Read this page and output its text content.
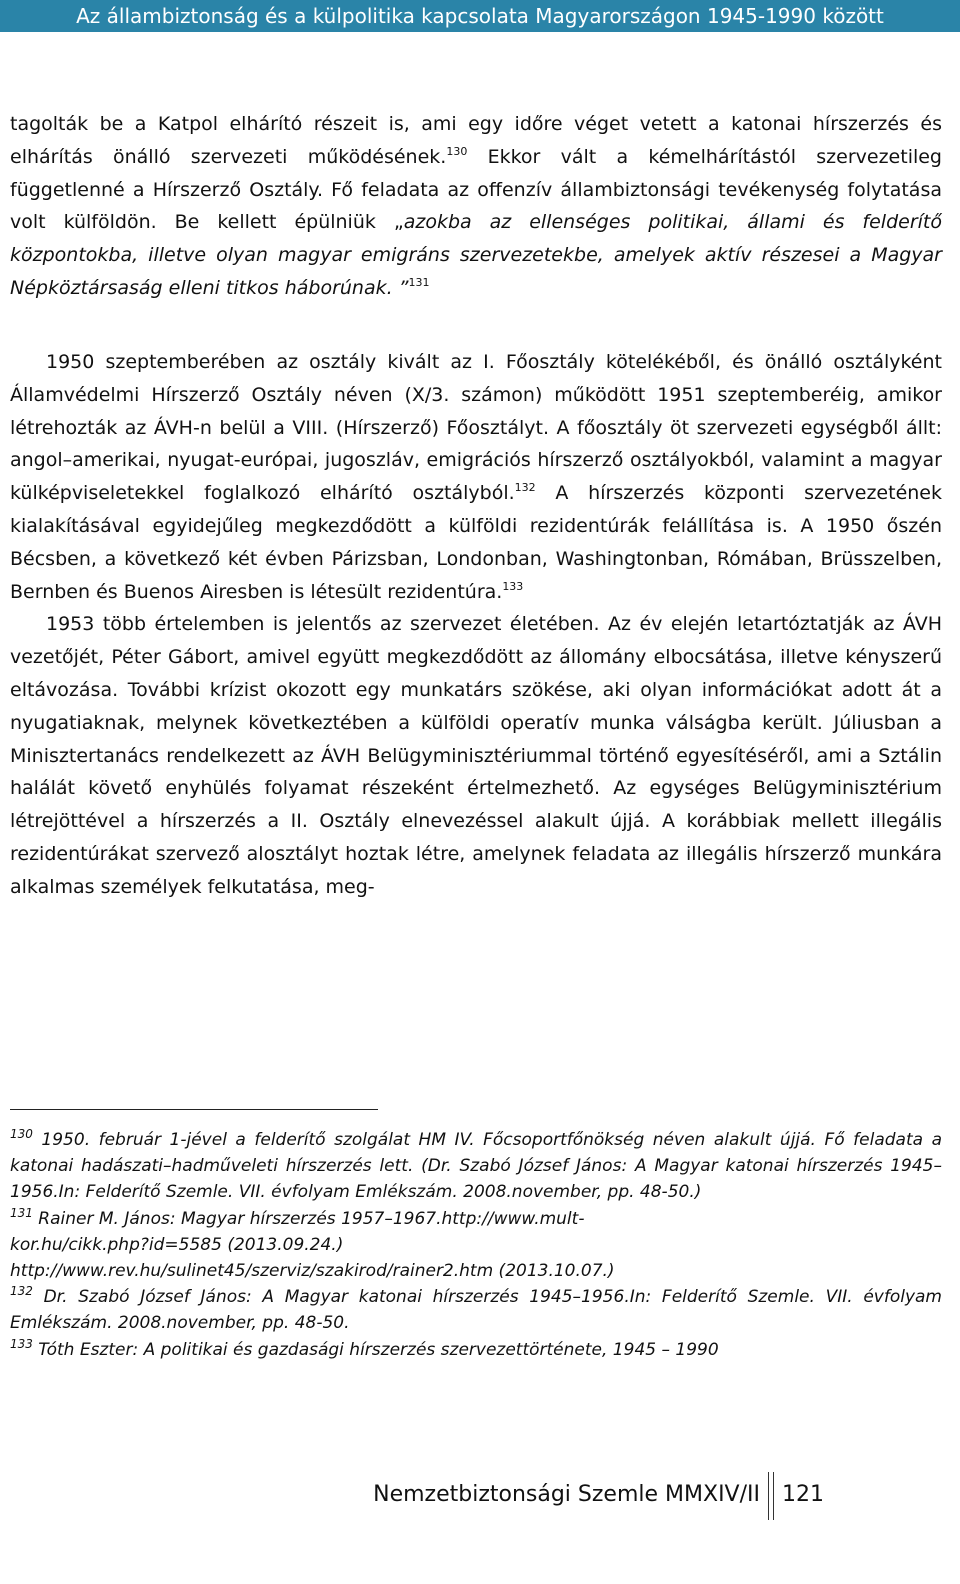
Az állambiztonság és a külpolitika kapcsolata Magyarországon 1945-1990 között

tagolták be a Katpol elhárító részeit is, ami egy időre véget vetett a katonai hírszerzés és elhárítás önálló szervezeti működésének.$^{130}$ Ekkor vált a kémelhárítástól szervezetileg függetlenné a Hírszerző Osztály. Fő feladata az offenzív állambiztonsági tevékenység folytatása volt külföldön. Be kellett épülniük „azokba az ellenséges politikai, állami és felderítő központokba, illetve olyan magyar emigráns szervezetekbe, amelyek aktív részesei a Magyar Népköztársaság elleni titkos háborúnak. ”$^{131}$

1950 szeptemberében az osztály kivált az I. Főosztály kötelékéből, és önálló osztályként Államvédelmi Hírszerző Osztály néven (X/3. számon) működött 1951 szeptemberéig, amikor létrehozták az ÁVH-n belül a VIII. (Hírszerző) Főosztályt. A főosztály öt szervezeti egységből állt: angol–amerikai, nyugat-európai, jugoszláv, emigrációs hírszerző osztályokból, valamint a magyar külképviseletekkel foglalkozó elhárító osztályból.$^{132}$ A hírszerzés központi szervezetének kialakításával egyidejűleg megkezdődött a külföldi rezidentúrák felállítása is. A 1950 őszén Bécsben, a következő két évben Párizsban, Londonban, Washingtonban, Rómában, Brüsszelben, Bernben és Buenos Airesben is létesült rezidentúra.$^{133}$

1953 több értelemben is jelentős az szervezet életében. Az év elején letartóztatják az ÁVH vezetőjét, Péter Gábort, amivel együtt megkezdődött az állomány elbocsátása, illetve kényszerű eltávozása. További krízist okozott egy munkatárs szökése, aki olyan információkat adott át a nyugatiaknak, melynek következtében a külföldi operatív munka válságba került. Júliusban a Minisztertanács rendelkezett az ÁVH Belügyminisztériummal történő egyesítéséről, ami a Sztálin halálát követő enyhülés folyamat részeként értelmezhető. Az egységes Belügyminisztérium létrejöttével a hírszerzés a II. Osztály elnevezéssel alakult újjá. A korábbiak mellett illegális rezidentúrákat szervező alosztályt hoztak létre, amelynek feladata az illegális hírszerző munkára alkalmas személyek felkutatása, meg-

$^{130}$ 1950. február 1-jével a felderítő szolgálat HM IV. Főcsoportfőnökség néven alakult újjá. Fő feladata a katonai hadászati–hadműveleti hírszerzés lett. (Dr. Szabó József János: A Magyar katonai hírszerzés 1945–1956.In: Felderítő Szemle. VII. évfolyam Emlékszám. 2008.november, pp. 48-50.)

$^{131}$ Rainer M. János: Magyar hírszerzés 1957–1967.http://www.mult-
kor.hu/cikk.php?id=5585 (2013.09.24.)
http://www.rev.hu/sulinet45/szerviz/szakirod/rainer2.htm (2013.10.07.)

$^{132}$ Dr. Szabó József János: A Magyar katonai hírszerzés 1945–1956.In: Felderítő Szemle. VII. évfolyam Emlékszám. 2008.november, pp. 48-50.

$^{133}$ Tóth Eszter: A politikai és gazdasági hírszerzés szervezettörténete, 1945 – 1990

Nemzetbiztonsági Szemle MMXIV/II 121
